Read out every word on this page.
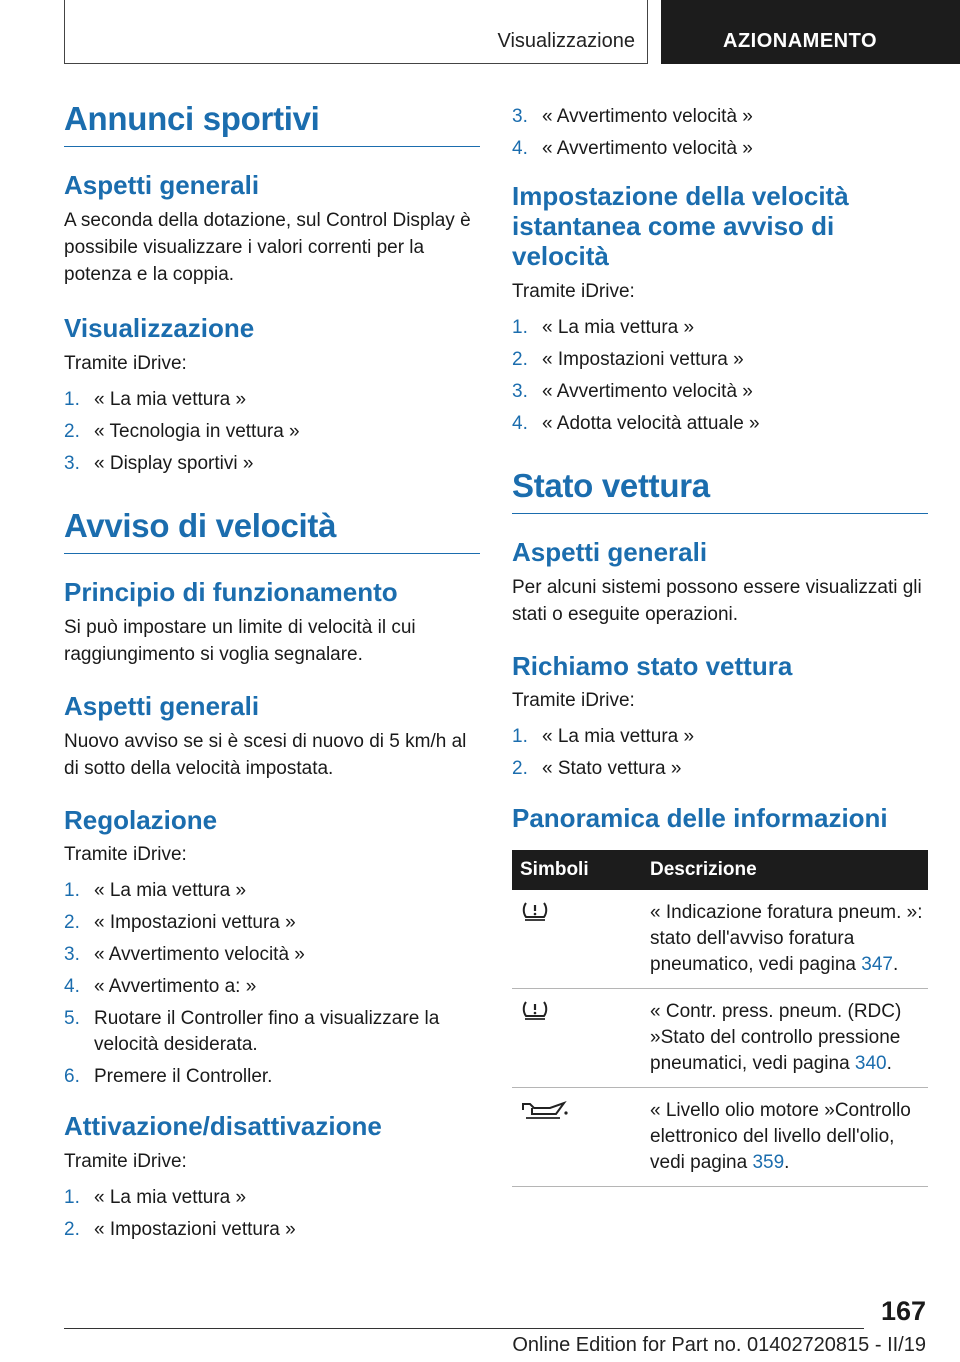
Visualizzazione	AZIONAMENTO
Annunci sportivi
Aspetti generali

A seconda della dotazione, sul Control Display è possibile visualizzare i valori correnti per la potenza e la coppia.

Visualizzazione

Tramite iDrive:

1. « La mia vettura »
2. « Tecnologia in vettura »
3. « Display sportivi »
Avviso di velocità
Principio di funzionamento

Si può impostare un limite di velocità il cui raggiungimento si voglia segnalare.

Aspetti generali

Nuovo avviso se si è scesi di nuovo di 5 km/h al di sotto della velocità impostata.

Regolazione

Tramite iDrive:

1. « La mia vettura »
2. « Impostazioni vettura »
3. « Avvertimento velocità »
4. « Avvertimento a: »
5. Ruotare il Controller fino a visualizzare la velocità desiderata.
6. Premere il Controller.
Attivazione/disattivazione

Tramite iDrive:

1. « La mia vettura »
2. « Impostazioni vettura »
3. « Avvertimento velocità »
4. « Avvertimento velocità »
Impostazione della velocità istantanea come avviso di velocità

Tramite iDrive:

1. « La mia vettura »
2. « Impostazioni vettura »
3. « Avvertimento velocità »
4. « Adotta velocità attuale »
Stato vettura
Aspetti generali

Per alcuni sistemi possono essere visualizzati gli stati o eseguite operazioni.

Richiamo stato vettura

Tramite iDrive:

1. « La mia vettura »
2. « Stato vettura »
Panoramica delle informazioni
Simboli	Descrizione
	« Indicazione foratura pneum. »: stato dell'avviso foratura pneumatico, vedi pagina 347.
	« Contr. press. pneum. (RDC) »Stato del controllo pressione pneumatici, vedi pagina 340.
	« Livello olio motore »Controllo elettronico del livello dell'olio, vedi pagina 359.
167
Online Edition for Part no. 01402720815 - II/19
